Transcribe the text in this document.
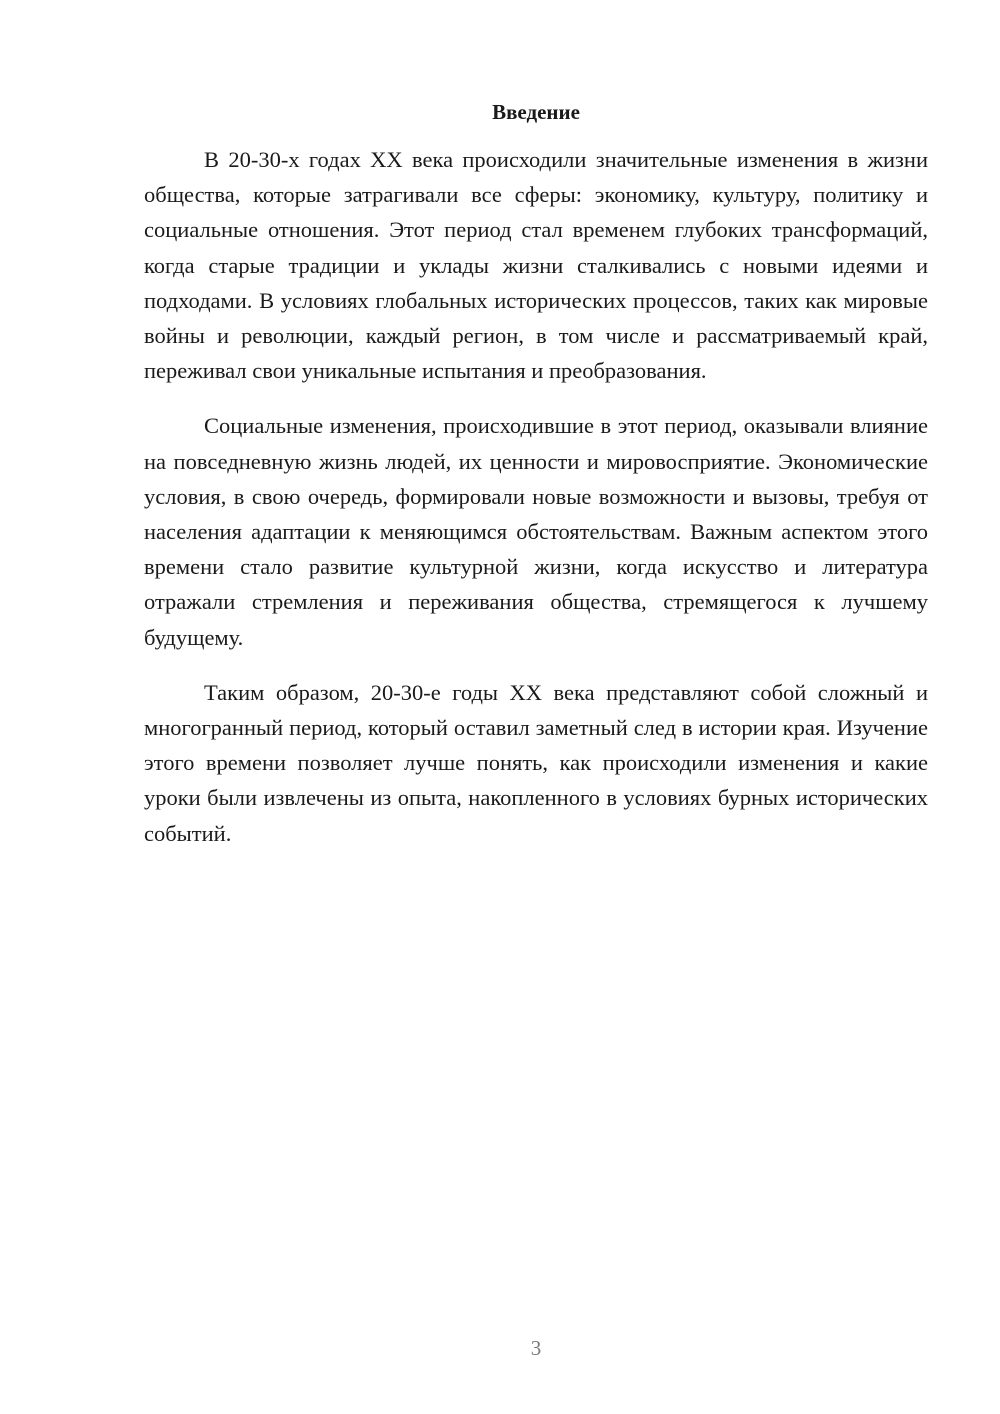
Введение

В 20-30-х годах XX века происходили значительные изменения в жизни общества, которые затрагивали все сферы: экономику, культуру, политику и социальные отношения. Этот период стал временем глубоких трансформаций, когда старые традиции и уклады жизни сталкивались с новыми идеями и подходами. В условиях глобальных исторических процессов, таких как мировые войны и революции, каждый регион, в том числе и рассматриваемый край, переживал свои уникальные испытания и преобразования.

Социальные изменения, происходившие в этот период, оказывали влияние на повседневную жизнь людей, их ценности и мировосприятие. Экономические условия, в свою очередь, формировали новые возможности и вызовы, требуя от населения адаптации к меняющимся обстоятельствам. Важным аспектом этого времени стало развитие культурной жизни, когда искусство и литература отражали стремления и переживания общества, стремящегося к лучшему будущему.

Таким образом, 20-30-е годы XX века представляют собой сложный и многогранный период, который оставил заметный след в истории края. Изучение этого времени позволяет лучше понять, как происходили изменения и какие уроки были извлечены из опыта, накопленного в условиях бурных исторических событий.

3
